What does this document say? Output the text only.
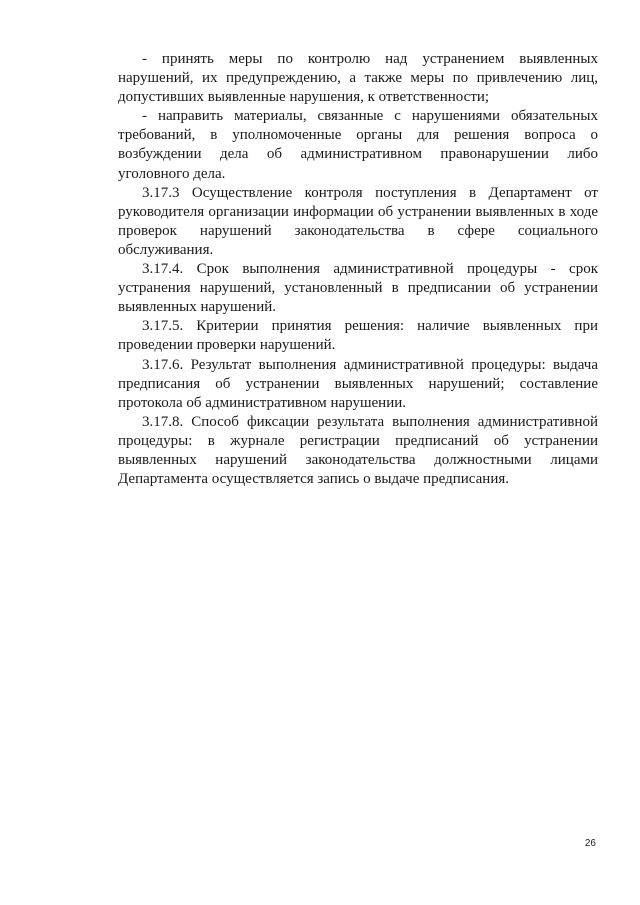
- принять меры по контролю над устранением выявленных нарушений, их предупреждению, а также меры по привлечению лиц, допустивших выявленные нарушения, к ответственности;

- направить материалы, связанные с нарушениями обязательных требований, в уполномоченные органы для решения вопроса о возбуждении дела об административном правонарушении либо уголовного дела.

3.17.3 Осуществление контроля поступления в Департамент от руководителя организации информации об устранении выявленных в ходе проверок нарушений законодательства в сфере социального обслуживания.

3.17.4. Срок выполнения административной процедуры - срок устранения нарушений, установленный в предписании об устранении выявленных нарушений.

3.17.5. Критерии принятия решения: наличие выявленных при проведении проверки нарушений.

3.17.6. Результат выполнения административной процедуры: выдача предписания об устранении выявленных нарушений; составление протокола об административном нарушении.

3.17.8. Способ фиксации результата выполнения административной процедуры: в журнале регистрации предписаний об устранении выявленных нарушений законодательства должностными лицами Департамента осуществляется запись о выдаче предписания.

26
